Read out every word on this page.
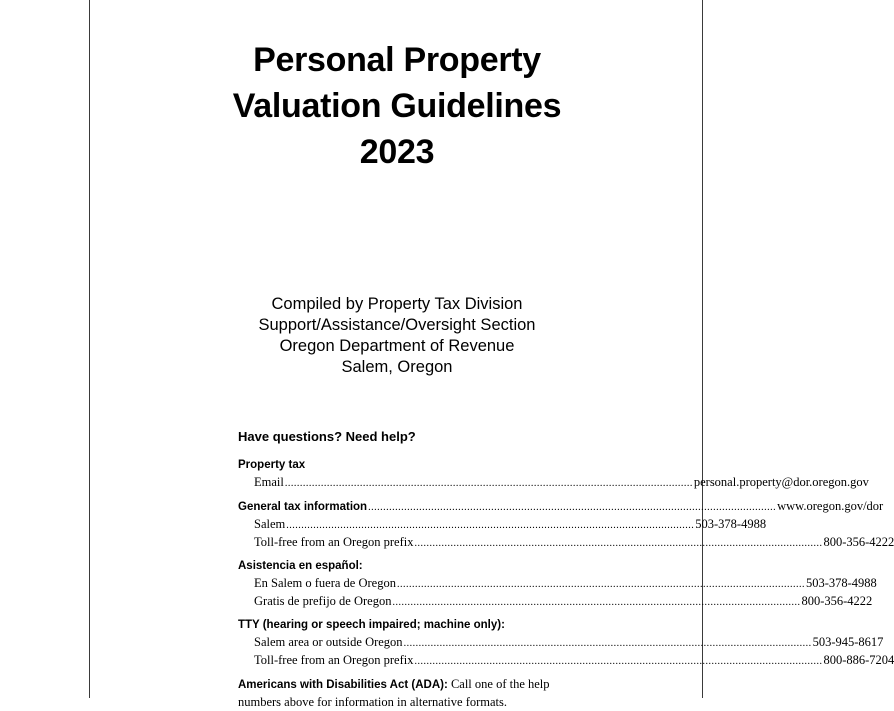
Personal Property
Valuation Guidelines
2023
Compiled by Property Tax Division
Support/Assistance/Oversight Section
Oregon Department of Revenue
Salem, Oregon
Have questions? Need help?
Property tax
Email .....	personal.property@dor.oregon.gov
General tax information .....	www.oregon.gov/dor
Salem .....	503-378-4988
Toll-free from an Oregon prefix .....	800-356-4222
Asistencia en español:
En Salem o fuera de Oregon .....	503-378-4988
Gratis de prefijo de Oregon .....	800-356-4222
TTY (hearing or speech impaired; machine only):
Salem area or outside Oregon .....	503-945-8617
Toll-free from an Oregon prefix .....	800-886-7204
Americans with Disabilities Act (ADA): Call one of the help numbers above for information in alternative formats.
